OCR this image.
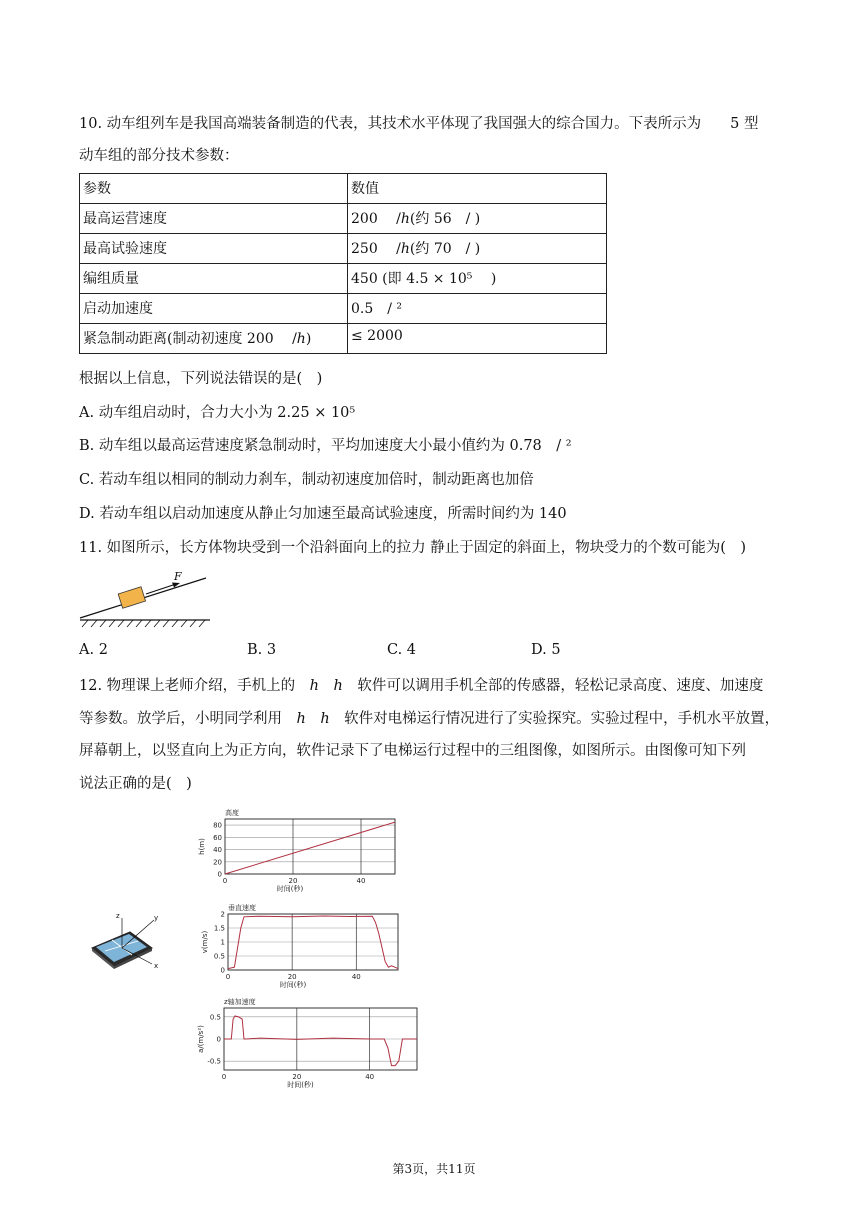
10. 动车组列车是我国高端装备制造的代表，其技术水平体现了我国强大的综合国力。下表所示为　　5 型
动车组的部分技术参数：
参数	数值
最高运营速度	200　 /ℎ(约 56　/ )
最高试验速度	250　 /ℎ(约 70　/ )
编组质量	450 (即 4.5 × 10⁵　 )
启动加速度	0.5　/ ²
紧急制动距离(制动初速度 200　 /ℎ)	≤ 2000
根据以上信息，下列说法错误的是(　)
A. 动车组启动时，合力大小为 2.25 × 10⁵
B. 动车组以最高运营速度紧急制动时，平均加速度大小最小值约为 0.78　/ ²
C. 若动车组以相同的制动力刹车，制动初速度加倍时，制动距离也加倍
D. 若动车组以启动加速度从静止匀加速至最高试验速度，所需时间约为 140
11. 如图所示，长方体物块受到一个沿斜面向上的拉力 静止于固定的斜面上，物块受力的个数可能为(　)
F
A. 2	B. 3	C. 4	D. 5
12. 物理课上老师介绍，手机上的　ℎ　ℎ　软件可以调用手机全部的传感器，轻松记录高度、速度、加速度
等参数。放学后，小明同学利用　ℎ　ℎ　软件对电梯运行情况进行了实验探究。实验过程中，手机水平放置，
屏幕朝上，以竖直向上为正方向，软件记录下了电梯运行过程中的三组图像，如图所示。由图像可知下列
说法正确的是(　)
z	y
x
高度
0
20
40
60
80
0	20	40
时间(秒)
h(m)
垂直速度
0
0.5
1
1.5
2
0	20	40
时间(秒)
v(m/s)
z轴加速度
0.5
0
-0.5
0	20	40
时间(秒)
a/(m/s²)
第3页，共11页
